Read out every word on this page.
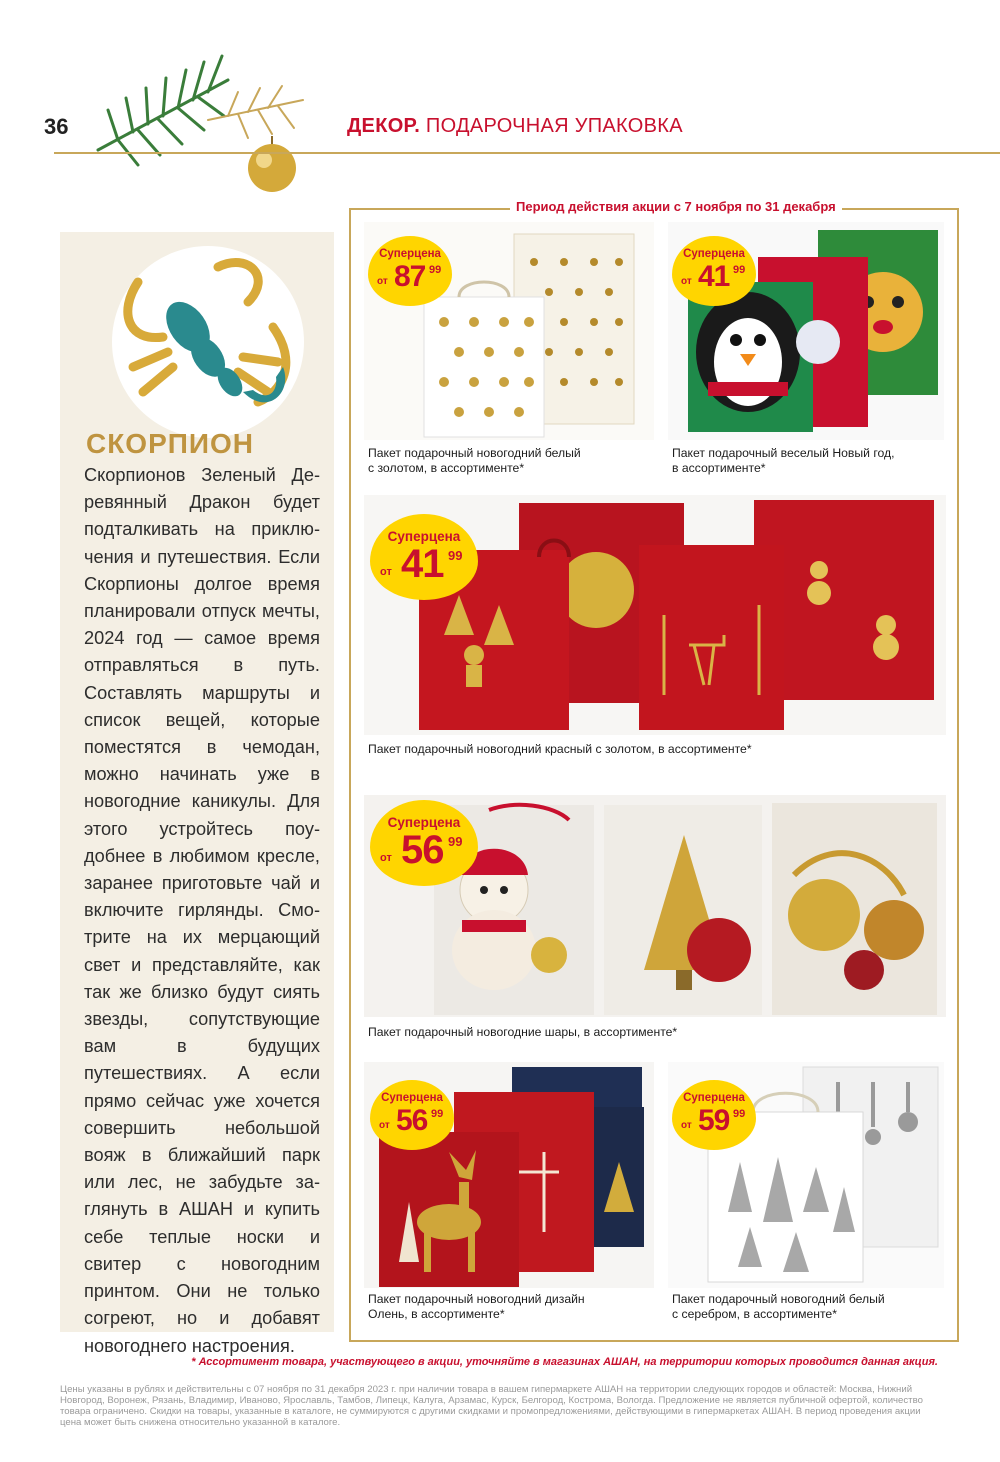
36	ДЕКОР. ПОДАРОЧНАЯ УПАКОВКА
СКОРПИОН
Скорпионов Зеленый Деревянный Дракон будет подталкивать на приключения и путешествия. Если Скорпионы долгое время планировали отпуск мечты, 2024 год — самое время отправляться в путь. Составлять маршруты и список вещей, которые поместятся в чемодан, можно начинать уже в новогодние каникулы. Для этого устройтесь поудобнее в любимом кресле, заранее приготовьте чай и включите гирлянды. Смотрите на их мерцающий свет и представляйте, как так же близко будут сиять звезды, сопутствующие вам в будущих путешествиях. А если прямо сейчас уже хочется совершить небольшой вояж в ближайший парк или лес, не забудьте заглянуть в АШАН и купить себе теплые носки и свитер с новогодним принтом. Они не только согреют, но и добавят новогоднего настроения.
Период действия акции с 7 ноября по 31 декабря
Суперцена
от 87 99
Пакет подарочный новогодний белый
с золотом, в ассортименте*
Суперцена
от 41 99
Пакет подарочный веселый Новый год,
в ассортименте*
Суперцена
от 41 99
Пакет подарочный новогодний красный с золотом, в ассортименте*
Суперцена
от 56 99
Пакет подарочный новогодние шары, в ассортименте*
Суперцена
от 56 99
Пакет подарочный новогодний дизайн
Олень, в ассортименте*
Суперцена
от 59 99
Пакет подарочный новогодний белый
с серебром, в ассортименте*
* Ассортимент товара, участвующего в акции, уточняйте в магазинах АШАН, на территории которых проводится данная акция.
Цены указаны в рублях и действительны с 07 ноября по 31 декабря 2023 г. при наличии товара в вашем гипермаркете АШАН на территории следующих городов и областей: Москва, Нижний Новгород, Воронеж, Рязань, Владимир, Иваново, Ярославль, Тамбов, Липецк, Калуга, Арзамас, Курск, Белгород, Кострома, Вологда. Предложение не является публичной офертой, количество товара ограничено. Скидки на товары, указанные в каталоге, не суммируются с другими скидками и промопредложениями, действующими в гипермаркетах АШАН. В период проведения акции цена может быть снижена относительно указанной в каталоге.
